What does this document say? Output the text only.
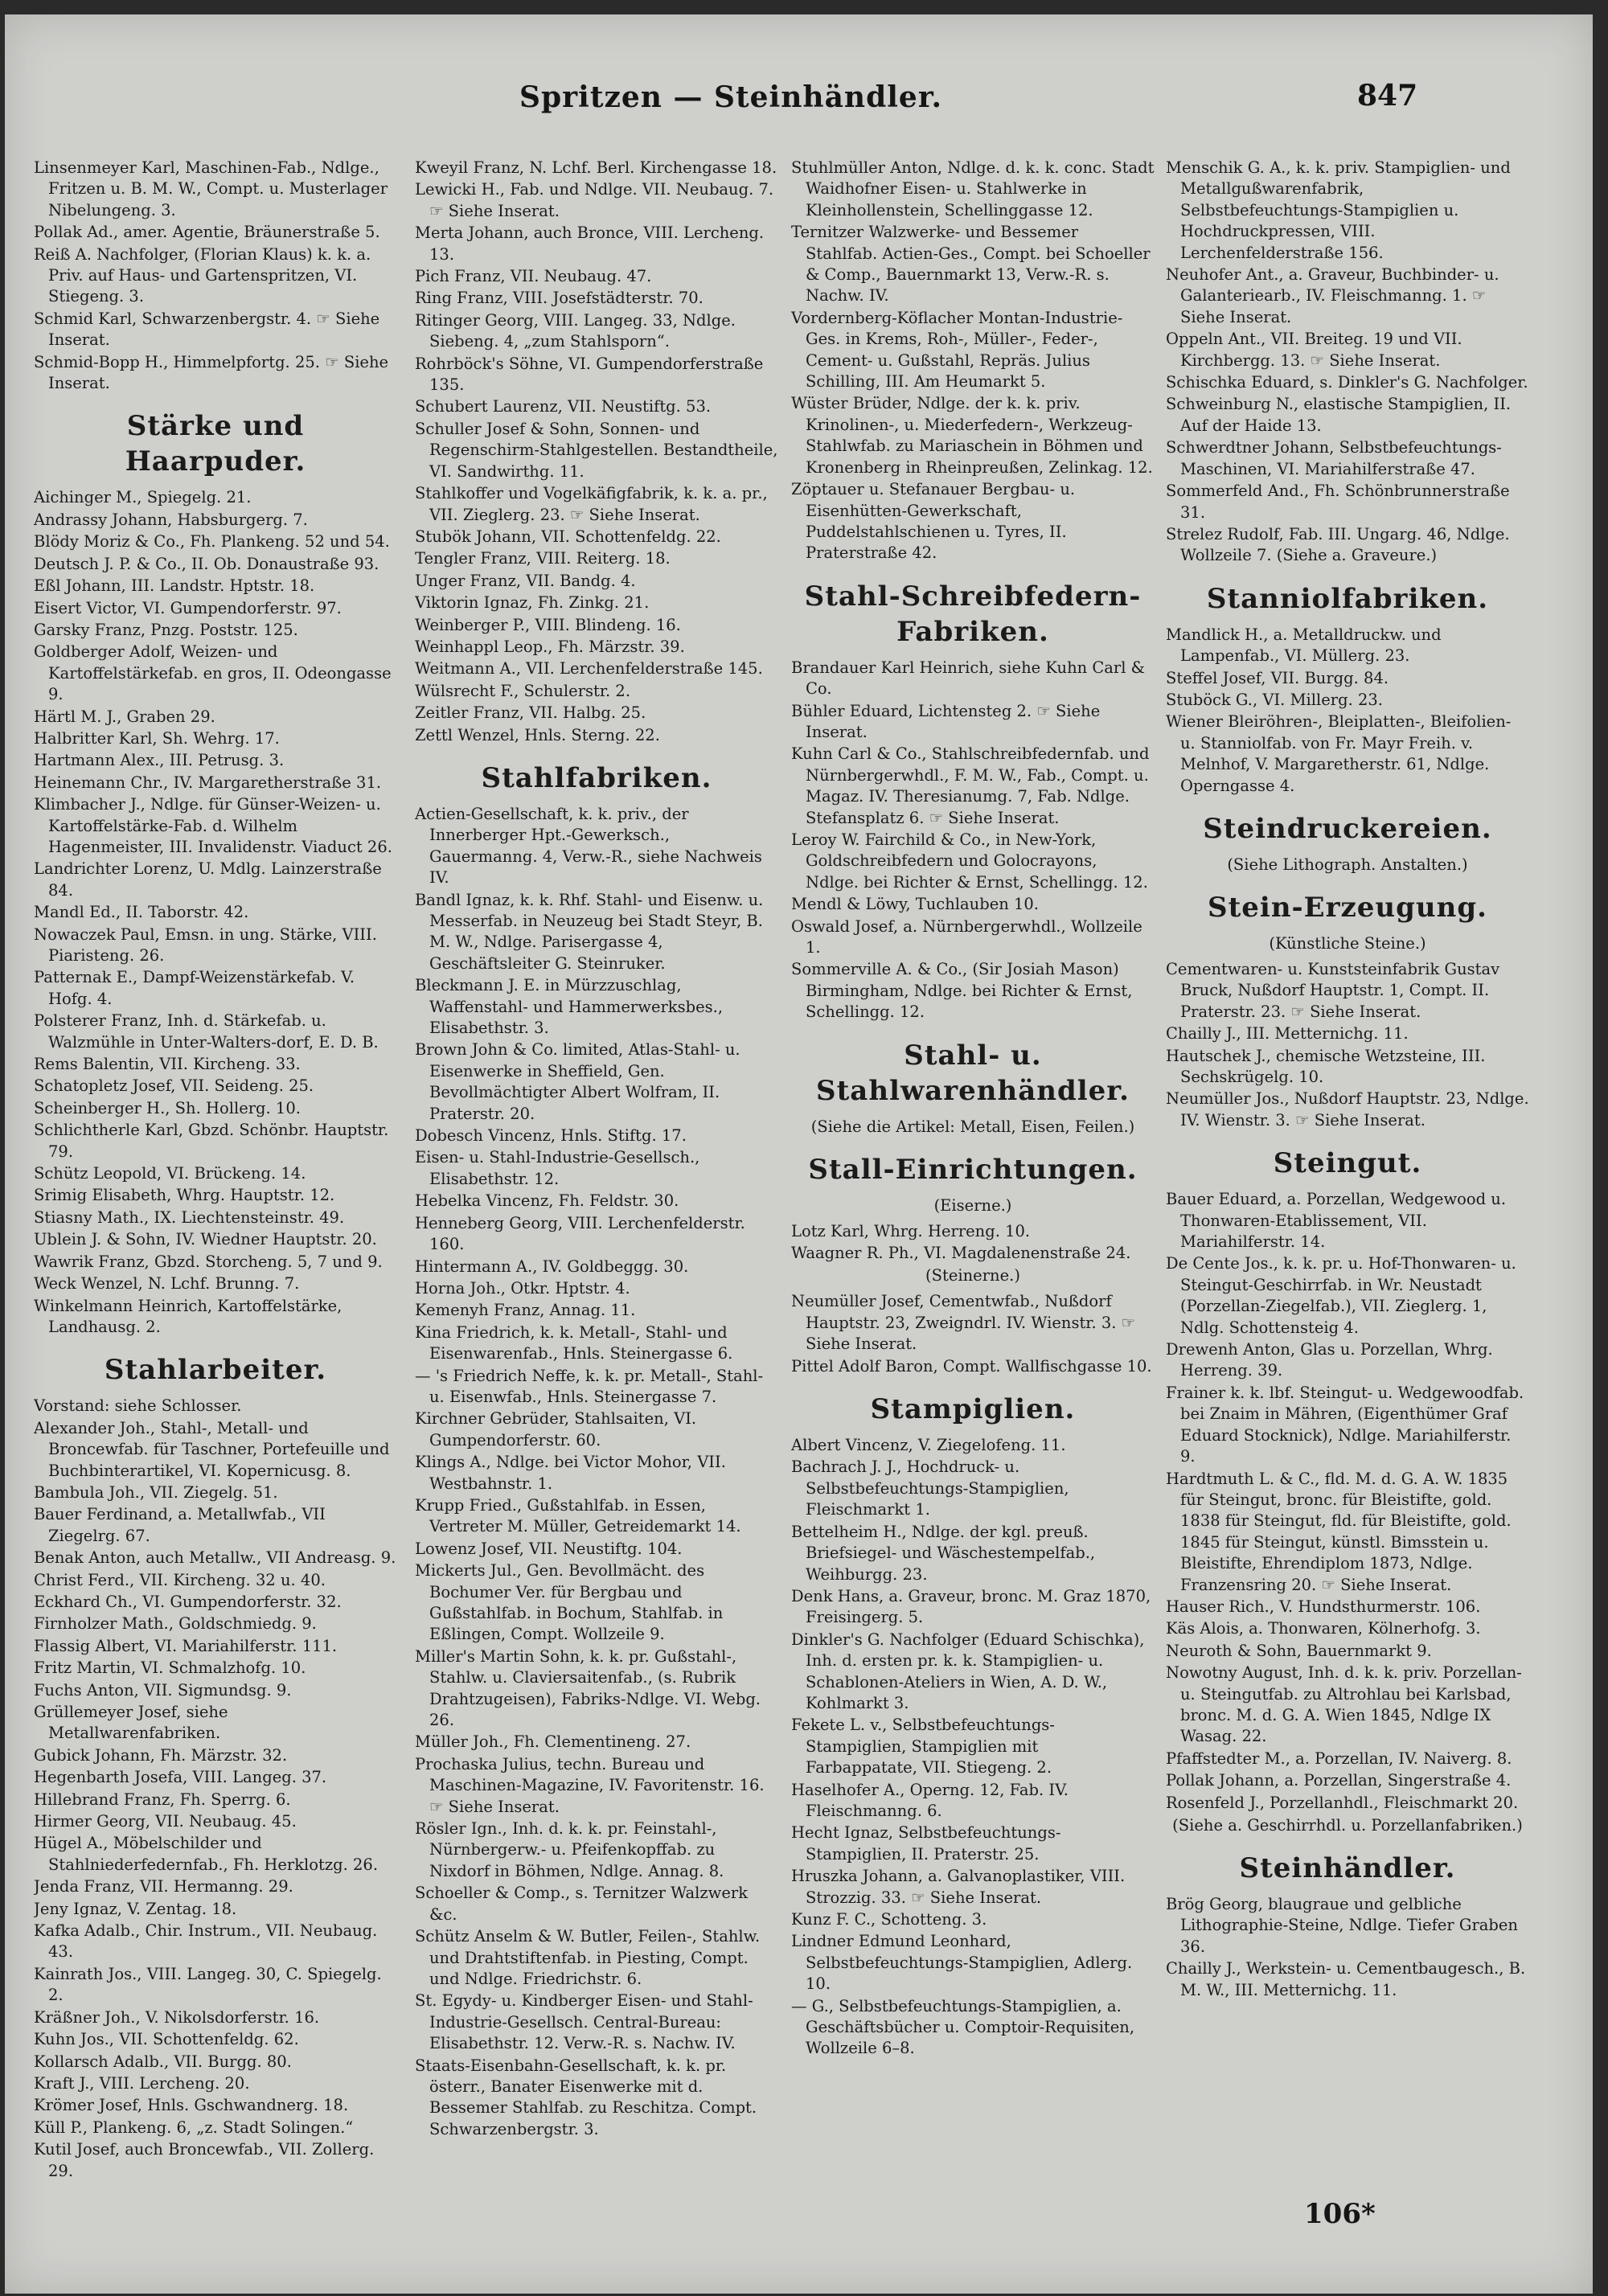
Spritzen — Steinhändler.	847
Linsenmeyer Karl, Maschinen-Fab., Ndlge., Fritzen u. B. M. W., Compt. u. Musterlager Nibelungeng. 3.
Pollak Ad., amer. Agentie, Bräunerstraße 5.
Reiß A. Nachfolger, (Florian Klaus) k. k. a. Priv. auf Haus- und Gartenspritzen, VI. Stiegeng. 3.
Schmid Karl, Schwarzenbergstr. 4. ☞ Siehe Inserat.
Schmid-Bopp H., Himmelpfortg. 25. ☞ Siehe Inserat.
Stärke und Haarpuder.
Aichinger M., Spiegelg. 21.
Andrassy Johann, Habsburgerg. 7.
Blödy Moriz & Co., Fh. Plankeng. 52 und 54.
Deutsch J. P. & Co., II. Ob. Donaustraße 93.
Eßl Johann, III. Landstr. Hptstr. 18.
Eisert Victor, VI. Gumpendorferstr. 97.
Garsky Franz, Pnzg. Poststr. 125.
Goldberger Adolf, Weizen- und Kartoffelstärkefab. en gros, II. Odeongasse 9.
Härtl M. J., Graben 29.
Halbritter Karl, Sh. Wehrg. 17.
Hartmann Alex., III. Petrusg. 3.
Heinemann Chr., IV. Margaretherstraße 31.
Klimbacher J., Ndlge. für Günser-Weizen- u. Kartoffelstärke-Fab. d. Wilhelm Hagenmeister, III. Invalidenstr. Viaduct 26.
Landrichter Lorenz, U. Mdlg. Lainzerstraße 84.
Mandl Ed., II. Taborstr. 42.
Nowaczek Paul, Emsn. in ung. Stärke, VIII. Piaristeng. 26.
Patternak E., Dampf-Weizenstärkefab. V. Hofg. 4.
Polsterer Franz, Inh. d. Stärkefab. u. Walzmühle in Unter-Walters-dorf, E. D. B.
Rems Balentin, VII. Kircheng. 33.
Schatopletz Josef, VII. Seideng. 25.
Scheinberger H., Sh. Hollerg. 10.
Schlichtherle Karl, Gbzd. Schönbr. Hauptstr. 79.
Schütz Leopold, VI. Brückeng. 14.
Srimig Elisabeth, Whrg. Hauptstr. 12.
Stiasny Math., IX. Liechtensteinstr. 49.
Ublein J. & Sohn, IV. Wiedner Hauptstr. 20.
Wawrik Franz, Gbzd. Storcheng. 5, 7 und 9.
Weck Wenzel, N. Lchf. Brunng. 7.
Winkelmann Heinrich, Kartoffelstärke, Landhausg. 2.
Stahlarbeiter.
Vorstand: siehe Schlosser.
Alexander Joh., Stahl-, Metall- und Broncewfab. für Taschner, Portefeuille und Buchbinterartikel, VI. Kopernicusg. 8.
Bambula Joh., VII. Ziegelg. 51.
Bauer Ferdinand, a. Metallwfab., VII Ziegelrg. 67.
Benak Anton, auch Metallw., VII Andreasg. 9.
Christ Ferd., VII. Kircheng. 32 u. 40.
Eckhard Ch., VI. Gumpendorferstr. 32.
Firnholzer Math., Goldschmiedg. 9.
Flassig Albert, VI. Mariahilferstr. 111.
Fritz Martin, VI. Schmalzhofg. 10.
Fuchs Anton, VII. Sigmundsg. 9.
Grüllemeyer Josef, siehe Metallwarenfabriken.
Gubick Johann, Fh. Märzstr. 32.
Hegenbarth Josefa, VIII. Langeg. 37.
Hillebrand Franz, Fh. Sperrg. 6.
Hirmer Georg, VII. Neubaug. 45.
Hügel A., Möbelschilder und Stahlniederfedernfab., Fh. Herklotzg. 26.
Jenda Franz, VII. Hermanng. 29.
Jeny Ignaz, V. Zentag. 18.
Kafka Adalb., Chir. Instrum., VII. Neubaug. 43.
Kainrath Jos., VIII. Langeg. 30, C. Spiegelg. 2.
Kräßner Joh., V. Nikolsdorferstr. 16.
Kuhn Jos., VII. Schottenfeldg. 62.
Kollarsch Adalb., VII. Burgg. 80.
Kraft J., VIII. Lercheng. 20.
Krömer Josef, Hnls. Gschwandnerg. 18.
Küll P., Plankeng. 6, „z. Stadt Solingen.“
Kutil Josef, auch Broncewfab., VII. Zollerg. 29.
Kweyil Franz, N. Lchf. Berl. Kirchengasse 18.
Lewicki H., Fab. und Ndlge. VII. Neubaug. 7. ☞ Siehe Inserat.
Merta Johann, auch Bronce, VIII. Lercheng. 13.
Pich Franz, VII. Neubaug. 47.
Ring Franz, VIII. Josefstädterstr. 70.
Ritinger Georg, VIII. Langeg. 33, Ndlge. Siebeng. 4, „zum Stahlsporn“.
Rohrböck's Söhne, VI. Gumpendorferstraße 135.
Schubert Laurenz, VII. Neustiftg. 53.
Schuller Josef & Sohn, Sonnen- und Regenschirm-Stahlgestellen. Bestandtheile, VI. Sandwirthg. 11.
Stahlkoffer und Vogelkäfigfabrik, k. k. a. pr., VII. Zieglerg. 23. ☞ Siehe Inserat.
Stubök Johann, VII. Schottenfeldg. 22.
Tengler Franz, VIII. Reiterg. 18.
Unger Franz, VII. Bandg. 4.
Viktorin Ignaz, Fh. Zinkg. 21.
Weinberger P., VIII. Blindeng. 16.
Weinhappl Leop., Fh. Märzstr. 39.
Weitmann A., VII. Lerchenfelderstraße 145.
Wülsrecht F., Schulerstr. 2.
Zeitler Franz, VII. Halbg. 25.
Zettl Wenzel, Hnls. Sterng. 22.
Stahlfabriken.
Actien-Gesellschaft, k. k. priv., der Innerberger Hpt.-Gewerksch., Gauermanng. 4, Verw.-R., siehe Nachweis IV.
Bandl Ignaz, k. k. Rhf. Stahl- und Eisenw. u. Messerfab. in Neuzeug bei Stadt Steyr, B. M. W., Ndlge. Parisergasse 4, Geschäftsleiter G. Steinruker.
Bleckmann J. E. in Mürzzuschlag, Waffenstahl- und Hammerwerksbes., Elisabethstr. 3.
Brown John & Co. limited, Atlas-Stahl- u. Eisenwerke in Sheffield, Gen. Bevollmächtigter Albert Wolfram, II. Praterstr. 20.
Dobesch Vincenz, Hnls. Stiftg. 17.
Eisen- u. Stahl-Industrie-Gesellsch., Elisabethstr. 12.
Hebelka Vincenz, Fh. Feldstr. 30.
Henneberg Georg, VIII. Lerchenfelderstr. 160.
Hintermann A., IV. Goldbeggg. 30.
Horna Joh., Otkr. Hptstr. 4.
Kemenyh Franz, Annag. 11.
Kina Friedrich, k. k. Metall-, Stahl- und Eisenwarenfab., Hnls. Steinergasse 6.
— 's Friedrich Neffe, k. k. pr. Metall-, Stahl- u. Eisenwfab., Hnls. Steinergasse 7.
Kirchner Gebrüder, Stahlsaiten, VI. Gumpendorferstr. 60.
Klings A., Ndlge. bei Victor Mohor, VII. Westbahnstr. 1.
Krupp Fried., Gußstahlfab. in Essen, Vertreter M. Müller, Getreidemarkt 14.
Lowenz Josef, VII. Neustiftg. 104.
Mickerts Jul., Gen. Bevollmächt. des Bochumer Ver. für Bergbau und Gußstahlfab. in Bochum, Stahlfab. in Eßlingen, Compt. Wollzeile 9.
Miller's Martin Sohn, k. k. pr. Gußstahl-, Stahlw. u. Claviersaitenfab., (s. Rubrik Drahtzugeisen), Fabriks-Ndlge. VI. Webg. 26.
Müller Joh., Fh. Clementineng. 27.
Prochaska Julius, techn. Bureau und Maschinen-Magazine, IV. Favoritenstr. 16. ☞ Siehe Inserat.
Rösler Ign., Inh. d. k. k. pr. Feinstahl-, Nürnbergerw.- u. Pfeifenkopffab. zu Nixdorf in Böhmen, Ndlge. Annag. 8.
Schoeller & Comp., s. Ternitzer Walzwerk &c.
Schütz Anselm & W. Butler, Feilen-, Stahlw. und Drahtstiftenfab. in Piesting, Compt. und Ndlge. Friedrichstr. 6.
St. Egydy- u. Kindberger Eisen- und Stahl-Industrie-Gesellsch. Central-Bureau: Elisabethstr. 12. Verw.-R. s. Nachw. IV.
Staats-Eisenbahn-Gesellschaft, k. k. pr. österr., Banater Eisenwerke mit d. Bessemer Stahlfab. zu Reschitza. Compt. Schwarzenbergstr. 3.
Stuhlmüller Anton, Ndlge. d. k. k. conc. Stadt Waidhofner Eisen- u. Stahlwerke in Kleinhollenstein, Schellinggasse 12.
Ternitzer Walzwerke- und Bessemer Stahlfab. Actien-Ges., Compt. bei Schoeller & Comp., Bauernmarkt 13, Verw.-R. s. Nachw. IV.
Vordernberg-Köflacher Montan-Industrie-Ges. in Krems, Roh-, Müller-, Feder-, Cement- u. Gußstahl, Repräs. Julius Schilling, III. Am Heumarkt 5.
Wüster Brüder, Ndlge. der k. k. priv. Krinolinen-, u. Miederfedern-, Werkzeug-Stahlwfab. zu Mariaschein in Böhmen und Kronenberg in Rheinpreußen, Zelinkag. 12.
Zöptauer u. Stefanauer Bergbau- u. Eisenhütten-Gewerkschaft, Puddelstahlschienen u. Tyres, II. Praterstraße 42.
Stahl-Schreibfedern-Fabriken.
Brandauer Karl Heinrich, siehe Kuhn Carl & Co.
Bühler Eduard, Lichtensteg 2. ☞ Siehe Inserat.
Kuhn Carl & Co., Stahlschreibfedernfab. und Nürnbergerwhdl., F. M. W., Fab., Compt. u. Magaz. IV. Theresianumg. 7, Fab. Ndlge. Stefansplatz 6. ☞ Siehe Inserat.
Leroy W. Fairchild & Co., in New-York, Goldschreibfedern und Golocrayons, Ndlge. bei Richter & Ernst, Schellingg. 12.
Mendl & Löwy, Tuchlauben 10.
Oswald Josef, a. Nürnbergerwhdl., Wollzeile 1.
Sommerville A. & Co., (Sir Josiah Mason) Birmingham, Ndlge. bei Richter & Ernst, Schellingg. 12.
Stahl- u. Stahlwarenhändler.
(Siehe die Artikel: Metall, Eisen, Feilen.)
Stall-Einrichtungen.
(Eiserne.)
Lotz Karl, Whrg. Herreng. 10.
Waagner R. Ph., VI. Magdalenenstraße 24.
(Steinerne.)
Neumüller Josef, Cementwfab., Nußdorf Hauptstr. 23, Zweigndrl. IV. Wienstr. 3. ☞ Siehe Inserat.
Pittel Adolf Baron, Compt. Wallfischgasse 10.
Stampiglien.
Albert Vincenz, V. Ziegelofeng. 11.
Bachrach J. J., Hochdruck- u. Selbstbefeuchtungs-Stampiglien, Fleischmarkt 1.
Bettelheim H., Ndlge. der kgl. preuß. Briefsiegel- und Wäschestempelfab., Weihburgg. 23.
Denk Hans, a. Graveur, bronc. M. Graz 1870, Freisingerg. 5.
Dinkler's G. Nachfolger (Eduard Schischka), Inh. d. ersten pr. k. k. Stampiglien- u. Schablonen-Ateliers in Wien, A. D. W., Kohlmarkt 3.
Fekete L. v., Selbstbefeuchtungs-Stampiglien, Stampiglien mit Farbappatate, VII. Stiegeng. 2.
Haselhofer A., Operng. 12, Fab. IV. Fleischmanng. 6.
Hecht Ignaz, Selbstbefeuchtungs-Stampiglien, II. Praterstr. 25.
Hruszka Johann, a. Galvanoplastiker, VIII. Strozzig. 33. ☞ Siehe Inserat.
Kunz F. C., Schotteng. 3.
Lindner Edmund Leonhard, Selbstbefeuchtungs-Stampiglien, Adlerg. 10.
— G., Selbstbefeuchtungs-Stampiglien, a. Geschäftsbücher u. Comptoir-Requisiten, Wollzeile 6–8.
Menschik G. A., k. k. priv. Stampiglien- und Metallgußwarenfabrik, Selbstbefeuchtungs-Stampiglien u. Hochdruckpressen, VIII. Lerchenfelderstraße 156.
Neuhofer Ant., a. Graveur, Buchbinder- u. Galanteriearb., IV. Fleischmanng. 1. ☞ Siehe Inserat.
Oppeln Ant., VII. Breiteg. 19 und VII. Kirchbergg. 13. ☞ Siehe Inserat.
Schischka Eduard, s. Dinkler's G. Nachfolger.
Schweinburg N., elastische Stampiglien, II. Auf der Haide 13.
Schwerdtner Johann, Selbstbefeuchtungs-Maschinen, VI. Mariahilferstraße 47.
Sommerfeld And., Fh. Schönbrunnerstraße 31.
Strelez Rudolf, Fab. III. Ungarg. 46, Ndlge. Wollzeile 7. (Siehe a. Graveure.)
Stanniolfabriken.
Mandlick H., a. Metalldruckw. und Lampenfab., VI. Müllerg. 23.
Steffel Josef, VII. Burgg. 84.
Stuböck G., VI. Millerg. 23.
Wiener Bleiröhren-, Bleiplatten-, Bleifolien- u. Stanniolfab. von Fr. Mayr Freih. v. Melnhof, V. Margaretherstr. 61, Ndlge. Operngasse 4.
Steindruckereien.
(Siehe Lithograph. Anstalten.)
Stein-Erzeugung.
(Künstliche Steine.)
Cementwaren- u. Kunststeinfabrik Gustav Bruck, Nußdorf Hauptstr. 1, Compt. II. Praterstr. 23. ☞ Siehe Inserat.
Chailly J., III. Metternichg. 11.
Hautschek J., chemische Wetzsteine, III. Sechskrügelg. 10.
Neumüller Jos., Nußdorf Hauptstr. 23, Ndlge. IV. Wienstr. 3. ☞ Siehe Inserat.
Steingut.
Bauer Eduard, a. Porzellan, Wedgewood u. Thonwaren-Etablissement, VII. Mariahilferstr. 14.
De Cente Jos., k. k. pr. u. Hof-Thonwaren- u. Steingut-Geschirrfab. in Wr. Neustadt (Porzellan-Ziegelfab.), VII. Zieglerg. 1, Ndlg. Schottensteig 4.
Drewenh Anton, Glas u. Porzellan, Whrg. Herreng. 39.
Frainer k. k. lbf. Steingut- u. Wedgewoodfab. bei Znaim in Mähren, (Eigenthümer Graf Eduard Stocknick), Ndlge. Mariahilferstr. 9.
Hardtmuth L. & C., fld. M. d. G. A. W. 1835 für Steingut, bronc. für Bleistifte, gold. 1838 für Steingut, fld. für Bleistifte, gold. 1845 für Steingut, künstl. Bimsstein u. Bleistifte, Ehrendiplom 1873, Ndlge. Franzensring 20. ☞ Siehe Inserat.
Hauser Rich., V. Hundsthurmerstr. 106.
Käs Alois, a. Thonwaren, Kölnerhofg. 3.
Neuroth & Sohn, Bauernmarkt 9.
Nowotny August, Inh. d. k. k. priv. Porzellan- u. Steingutfab. zu Altrohlau bei Karlsbad, bronc. M. d. G. A. Wien 1845, Ndlge IX Wasag. 22.
Pfaffstedter M., a. Porzellan, IV. Naiverg. 8.
Pollak Johann, a. Porzellan, Singerstraße 4.
Rosenfeld J., Porzellanhdl., Fleischmarkt 20.
(Siehe a. Geschirrhdl. u. Porzellanfabriken.)
Steinhändler.
Brög Georg, blaugraue und gelbliche Lithographie-Steine, Ndlge. Tiefer Graben 36.
Chailly J., Werkstein- u. Cementbaugesch., B. M. W., III. Metternichg. 11.
106*
